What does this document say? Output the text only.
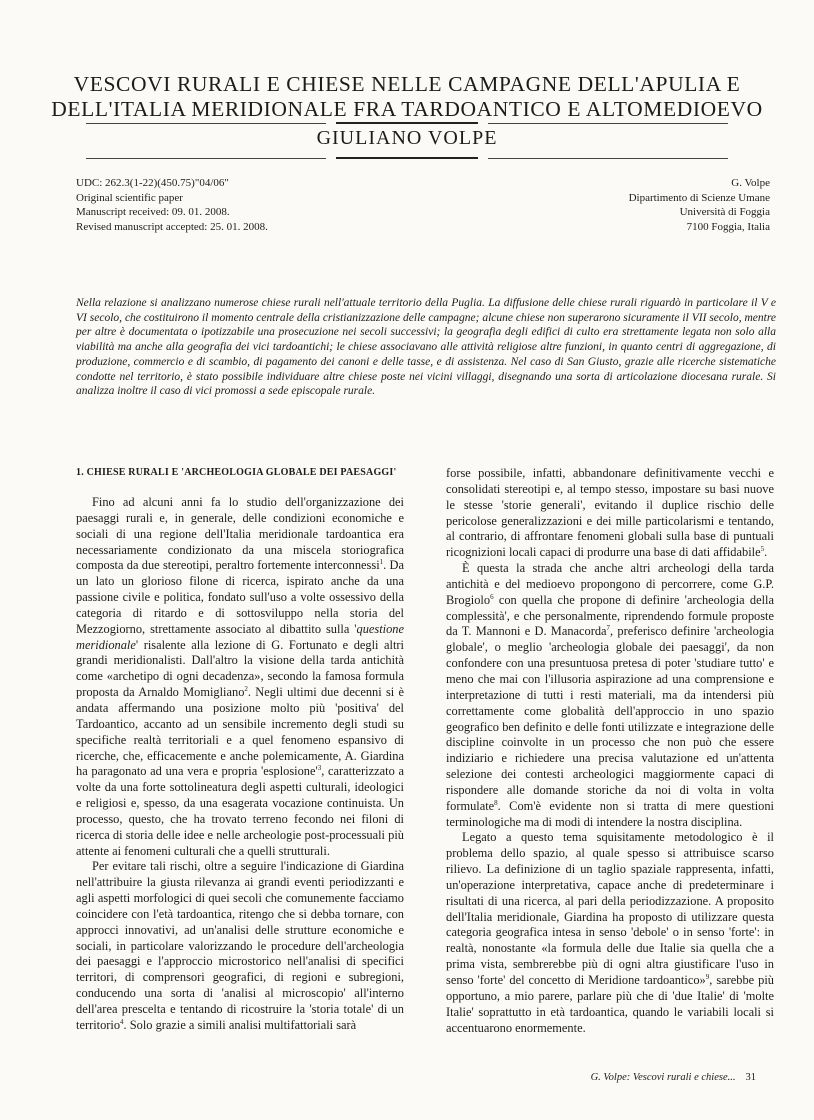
VESCOVI RURALI E CHIESE NELLE CAMPAGNE DELL'APULIA E
DELL'ITALIA MERIDIONALE FRA TARDOANTICO E ALTOMEDIOEVO
GIULIANO VOLPE
UDC: 262.3(1-22)(450.75)"04/06"
Original scientific paper
Manuscript received: 09. 01. 2008.
Revised manuscript accepted: 25. 01. 2008.
G. Volpe
Dipartimento di Scienze Umane
Università di Foggia
7100 Foggia, Italia

Nella relazione si analizzano numerose chiese rurali nell'attuale territorio della Puglia. La diffusione delle chiese rurali riguardò in particolare il V e VI secolo, che costituirono il momento centrale della cristianizzazione delle campagne; alcune chiese non superarono sicuramente il VII secolo, mentre per altre è documentata o ipotizzabile una prosecuzione nei secoli successivi; la geografia degli edifici di culto era strettamente legata non solo alla viabilità ma anche alla geografia dei vici tardoantichi; le chiese associavano alle attività religiose altre funzioni, in quanto centri di aggregazione, di produzione, commercio e di scambio, di pagamento dei canoni e delle tasse, e di assistenza. Nel caso di San Giusto, grazie alle ricerche sistematiche condotte nel territorio, è stato possibile individuare altre chiese poste nei vicini villaggi, disegnando una sorta di articolazione diocesana rurale. Si analizza inoltre il caso di vici promossi a sede episcopale rurale.

1. CHIESE RURALI E 'ARCHEOLOGIA GLOBALE DEI PAESAGGI'

Fino ad alcuni anni fa lo studio dell'organizzazione dei paesaggi rurali e, in generale, delle condizioni economiche e sociali di una regione dell'Italia meridionale tardoantica era necessariamente condizionato da una miscela storiografica composta da due stereotipi, peraltro fortemente interconnessi$^1$. Da un lato un glorioso filone di ricerca, ispirato anche da una passione civile e politica, fondato sull'uso a volte ossessivo della categoria di ritardo e di sottosviluppo nella storia del Mezzogiorno, strettamente associato al dibattito sulla 'questione meridionale' risalente alla lezione di G. Fortunato e degli altri grandi meridionalisti. Dall'altro la visione della tarda antichità come «archetipo di ogni decadenza», secondo la famosa formula proposta da Arnaldo Momigliano$^2$. Negli ultimi due decenni si è andata affermando una posizione molto più 'positiva' del Tardoantico, accanto ad un sensibile incremento degli studi su specifiche realtà territoriali e a quel fenomeno espansivo di ricerche, che, efficacemente e anche polemicamente, A. Giardina ha paragonato ad una vera e propria '$esplosione'^3$, caratterizzato a volte da una forte sottolineatura degli aspetti culturali, ideologici e religiosi e, spesso, da una esagerata vocazione continuista. Un processo, questo, che ha trovato terreno fecondo nei filoni di ricerca di storia delle idee e nelle archeologie post-processuali più attente ai fenomeni culturali che a quelli strutturali.

Per evitare tali rischi, oltre a seguire l'indicazione di Giardina nell'attribuire la giusta rilevanza ai grandi eventi periodizzanti e agli aspetti morfologici di quei secoli che comunemente facciamo coincidere con l'età tardoantica, ritengo che si debba tornare, con approcci innovativi, ad un'analisi delle strutture economiche e sociali, in particolare valorizzando le procedure dell'archeologia dei paesaggi e l'approccio microstorico nell'analisi di specifici territori, di comprensori geografici, di regioni e subregioni, conducendo una sorta di 'analisi al microscopio' all'interno dell'area prescelta e tentando di ricostruire la 'storia totale' di un territorio$^4$. Solo grazie a simili analisi multifattoriali sarà

forse possibile, infatti, abbandonare definitivamente vecchi e consolidati stereotipi e, al tempo stesso, impostare su basi nuove le stesse 'storie generali', evitando il duplice rischio delle pericolose generalizzazioni e dei mille particolarismi e tentando, al contrario, di affrontare fenomeni globali sulla base di puntuali ricognizioni locali capaci di produrre una base di dati affidabile$^5$.

È questa la strada che anche altri archeologi della tarda antichità e del medioevo propongono di percorrere, come G.P. Brogiolo$^6$ con quella che propone di definire 'archeologia della complessità', e che personalmente, riprendendo formule proposte da T. Mannoni e D. Manacorda$^7$, preferisco definire 'archeologia globale', o meglio 'archeologia globale dei paesaggi', da non confondere con una presuntuosa pretesa di poter 'studiare tutto' e meno che mai con l'illusoria aspirazione ad una comprensione e interpretazione di tutti i resti materiali, ma da intendersi più correttamente come globalità dell'approccio in uno spazio geografico ben definito e delle fonti utilizzate e integrazione delle discipline coinvolte in un processo che non può che essere indiziario e richiedere una precisa valutazione ed un'attenta selezione dei contesti archeologici maggiormente capaci di rispondere alle domande storiche da noi di volta in volta formulate$^8$. Com'è evidente non si tratta di mere questioni terminologiche ma di modi di intendere la nostra disciplina.

Legato a questo tema squisitamente metodologico è il problema dello spazio, al quale spesso si attribuisce scarso rilievo. La definizione di un taglio spaziale rappresenta, infatti, un'operazione interpretativa, capace anche di predeterminare i risultati di una ricerca, al pari della periodizzazione. A proposito dell'Italia meridionale, Giardina ha proposto di utilizzare questa categoria geografica intesa in senso 'debole' o in senso 'forte': in realtà, nonostante «la formula delle due Italie sia quella che a prima vista, sembrerebbe più di ogni altra giustificare l'uso in senso 'forte' del concetto di Meridione tardoantico»$^9$, sarebbe più opportuno, a mio parere, parlare più che di 'due Italie' di 'molte Italie' soprattutto in età tardoantica, quando le variabili locali si accentuarono enormemente.

G. Volpe: Vescovi rurali e chiese... 31
